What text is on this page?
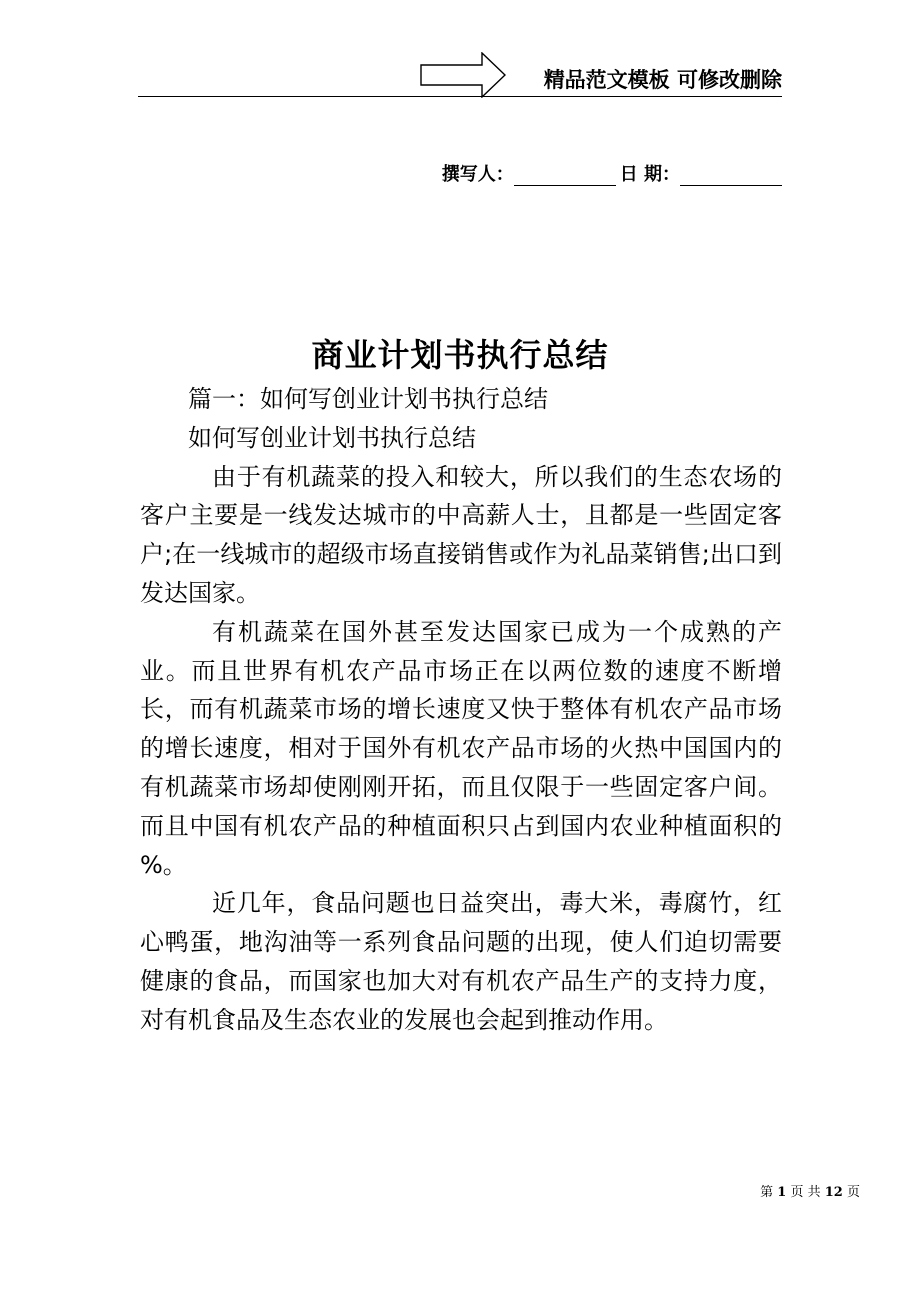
精品范文模板 可修改删除
撰写人：	日 期：
商业计划书执行总结

篇一：如何写创业计划书执行总结

如何写创业计划书执行总结

由于有机蔬菜的投入和较大，所以我们的生态农场的客户主要是一线发达城市的中高薪人士，且都是一些固定客户;在一线城市的超级市场直接销售或作为礼品菜销售;出口到发达国家。

有机蔬菜在国外甚至发达国家已成为一个成熟的产业。而且世界有机农产品市场正在以两位数的速度不断增长，而有机蔬菜市场的增长速度又快于整体有机农产品市场的增长速度，相对于国外有机农产品市场的火热中国国内的有机蔬菜市场却使刚刚开拓，而且仅限于一些固定客户间。而且中国有机农产品的种植面积只占到国内农业种植面积的 %。

近几年，食品问题也日益突出，毒大米，毒腐竹，红心鸭蛋，地沟油等一系列食品问题的出现，使人们迫切需要健康的食品，而国家也加大对有机农产品生产的支持力度，对有机食品及生态农业的发展也会起到推动作用。

第 1 页 共 12 页
